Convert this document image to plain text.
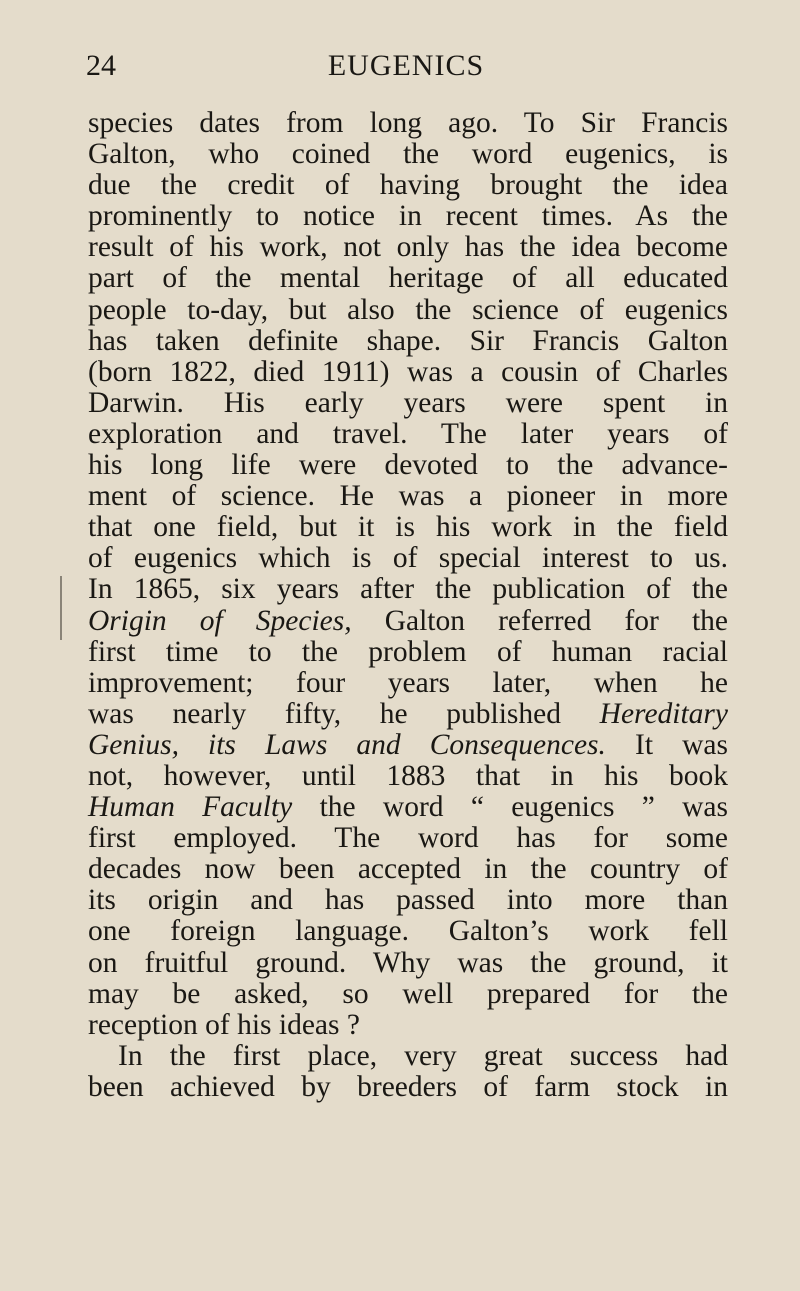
24	EUGENICS
species dates from long ago. To Sir Francis
Galton, who coined the word eugenics, is
due the credit of having brought the idea
prominently to notice in recent times. As the
result of his work, not only has the idea become
part of the mental heritage of all educated
people to-day, but also the science of eugenics
has taken definite shape. Sir Francis Galton
(born 1822, died 1911) was a cousin of Charles
Darwin. His early years were spent in
exploration and travel. The later years of
his long life were devoted to the advance-
ment of science. He was a pioneer in more
that one field, but it is his work in the field
of eugenics which is of special interest to us.
In 1865, six years after the publication of the
Origin of Species, Galton referred for the
first time to the problem of human racial
improvement; four years later, when he
was nearly fifty, he published Hereditary
Genius, its Laws and Consequences. It was
not, however, until 1883 that in his book
Human Faculty the word “ eugenics ” was
first employed. The word has for some
decades now been accepted in the country of
its origin and has passed into more than
one foreign language. Galton’s work fell
on fruitful ground. Why was the ground, it
may be asked, so well prepared for the
reception of his ideas ?
In the first place, very great success had
been achieved by breeders of farm stock in
